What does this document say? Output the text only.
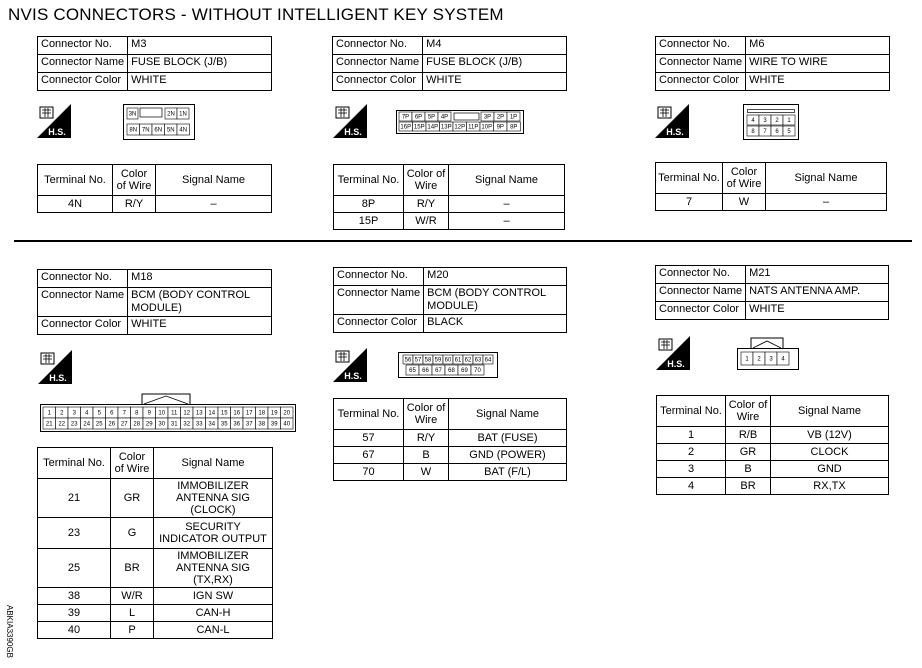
NVIS CONNECTORS - WITHOUT INTELLIGENT KEY SYSTEM
Connector No.	M3
Connector Name	FUSE BLOCK (J/B)
Connector Color	WHITE
H.S.
3N	2N 1N
8N 7N 6N 5N 4N
Terminal No.	Color of Wire	Signal Name
4N	R/Y	–
Connector No.	M4
Connector Name	FUSE BLOCK (J/B)
Connector Color	WHITE
H.S.
7P 6P 5P 4P	3P 2P 1P
16P 15P 14P 13P 12P 11P 10P 9P 8P
Terminal No.	Color of Wire	Signal Name
8P	R/Y	–
15P	W/R	–
Connector No.	M6
Connector Name	WIRE TO WIRE
Connector Color	WHITE
H.S.
4 3 2 1
8 7 6 5
Terminal No.	Color of Wire	Signal Name
7	W	–
Connector No.	M18
Connector Name	BCM (BODY CONTROL MODULE)
Connector Color	WHITE
H.S.
1 2 3 4 5 6 7 8 9 10 11 12 13 14 15 16 17 18 19 20
21 22 23 24 25 26 27 28 29 30 31 32 33 34 35 36 37 38 39 40
Terminal No.	Color of Wire	Signal Name
21	GR	IMMOBILIZER ANTENNA SIG (CLOCK)
23	G	SECURITY INDICATOR OUTPUT
25	BR	IMMOBILIZER ANTENNA SIG (TX,RX)
38	W/R	IGN SW
39	L	CAN-H
40	P	CAN-L
Connector No.	M20
Connector Name	BCM (BODY CONTROL MODULE)
Connector Color	BLACK
H.S.
56 57 58 59 60 61 62 63 64
65 66 67 68 69 70
Terminal No.	Color of Wire	Signal Name
57	R/Y	BAT (FUSE)
67	B	GND (POWER)
70	W	BAT (F/L)
Connector No.	M21
Connector Name	NATS ANTENNA AMP.
Connector Color	WHITE
H.S.	1 2 3 4
Terminal No.	Color of Wire	Signal Name
1	R/B	VB (12V)
2	GR	CLOCK
3	B	GND
4	BR	RX,TX
ABKIA3390GB
